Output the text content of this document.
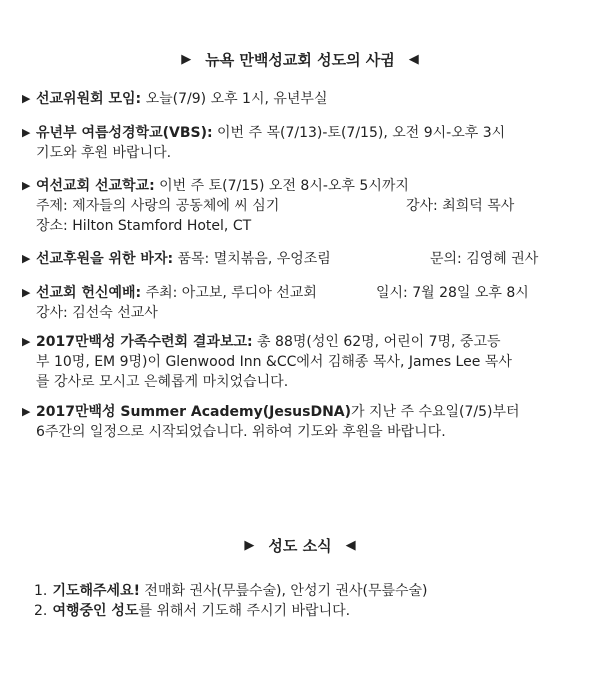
▶ 뉴욕 만백성교회 성도의 사귐 ◀
▶ 선교위원회 모임: 오늘(7/9) 오후 1시, 유년부실
▶ 유년부 여름성경학교(VBS): 이번 주 목(7/13)-토(7/15), 오전 9시-오후 3시
기도와 후원 바랍니다.
▶ 여선교회 선교학교: 이번 주 토(7/15) 오전 8시-오후 5시까지
주제: 제자들의 사랑의 공동체에 씨 심기	강사: 최희덕 목사
장소: Hilton Stamford Hotel, CT
▶ 선교후원을 위한 바자: 품목: 멸치볶음, 우엉조림	문의: 김영혜 권사
▶ 선교회 헌신예배: 주최: 아고보, 루디아 선교회	일시: 7월 28일 오후 8시
강사: 김선숙 선교사
▶ 2017만백성 가족수련회 결과보고: 총 88명(성인 62명, 어린이 7명, 중고등
부 10명, EM 9명)이 Glenwood Inn &CC에서 김해종 목사, James Lee 목사
를 강사로 모시고 은혜롭게 마치었습니다.
▶ 2017만백성 Summer Academy(JesusDNA)가 지난 주 수요일(7/5)부터
6주간의 일정으로 시작되었습니다. 위하여 기도와 후원을 바랍니다.
▶ 성도 소식 ◀
1. 기도해주세요! 전매화 권사(무릎수술), 안성기 권사(무릎수술)
2. 여행중인 성도를 위해서 기도해 주시기 바랍니다.
